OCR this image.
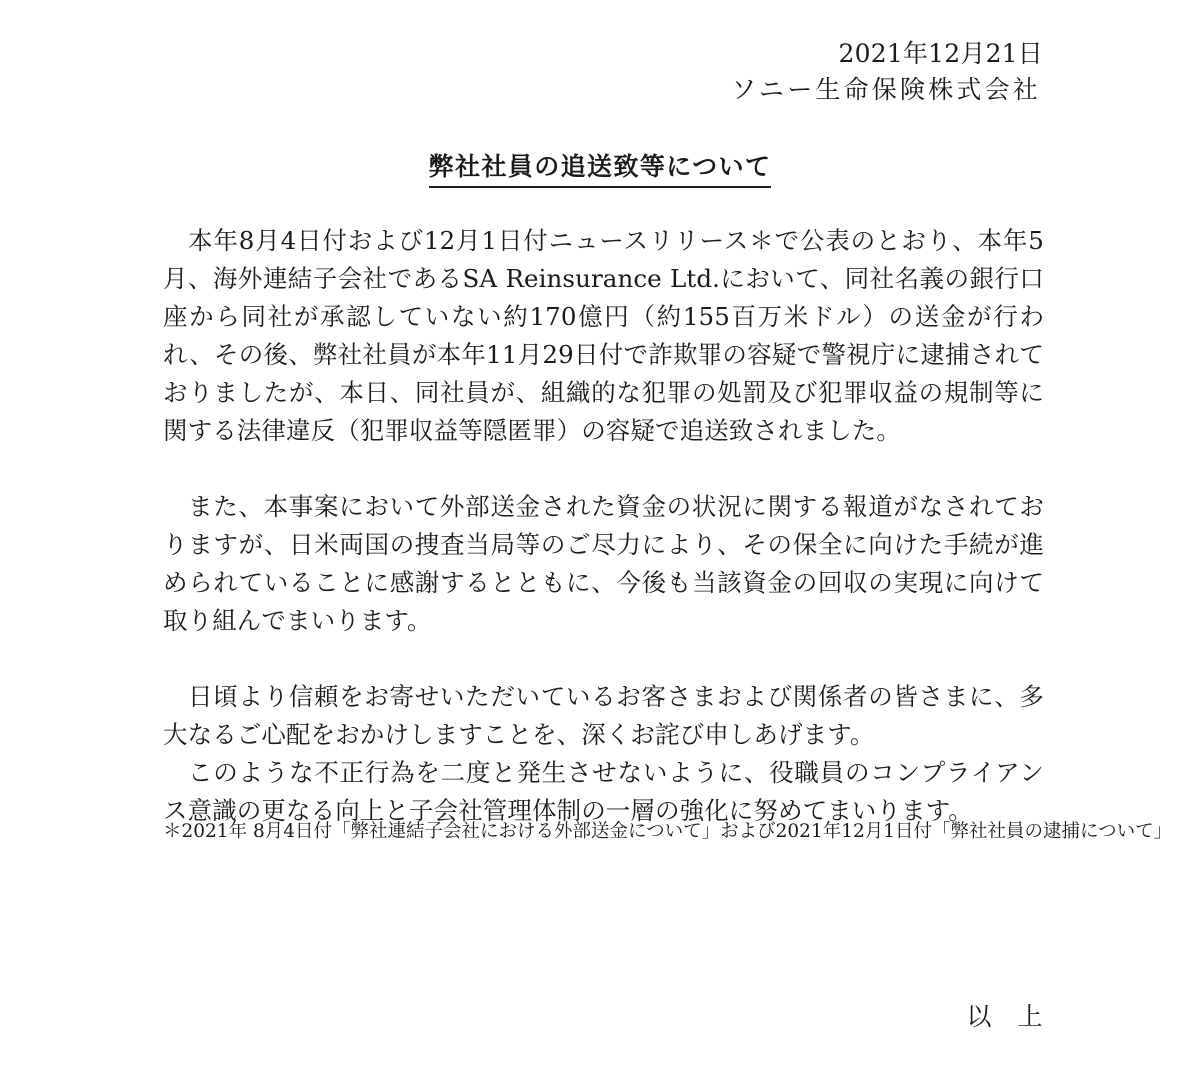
2021年12月21日
ソニー生命保険株式会社
弊社社員の追送致等について

本年8月4日付および12月1日付ニュースリリース＊で公表のとおり、本年5月、海外連結子会社であるSA Reinsurance Ltd.において、同社名義の銀行口座から同社が承認していない約170億円（約155百万米ドル）の送金が行われ、その後、弊社社員が本年11月29日付で詐欺罪の容疑で警視庁に逮捕されておりましたが、本日、同社員が、組織的な犯罪の処罰及び犯罪収益の規制等に関する法律違反（犯罪収益等隠匿罪）の容疑で追送致されました。

また、本事案において外部送金された資金の状況に関する報道がなされておりますが、日米両国の捜査当局等のご尽力により、その保全に向けた手続が進められていることに感謝するとともに、今後も当該資金の回収の実現に向けて取り組んでまいります。

日頃より信頼をお寄せいただいているお客さまおよび関係者の皆さまに、多大なるご心配をおかけしますことを、深くお詫び申しあげます。

このような不正行為を二度と発生させないように、役職員のコンプライアンス意識の更なる向上と子会社管理体制の一層の強化に努めてまいります。

＊2021年 8月4日付「弊社連結子会社における外部送金について」および2021年12月1日付「弊社社員の逮捕について」
以　上
